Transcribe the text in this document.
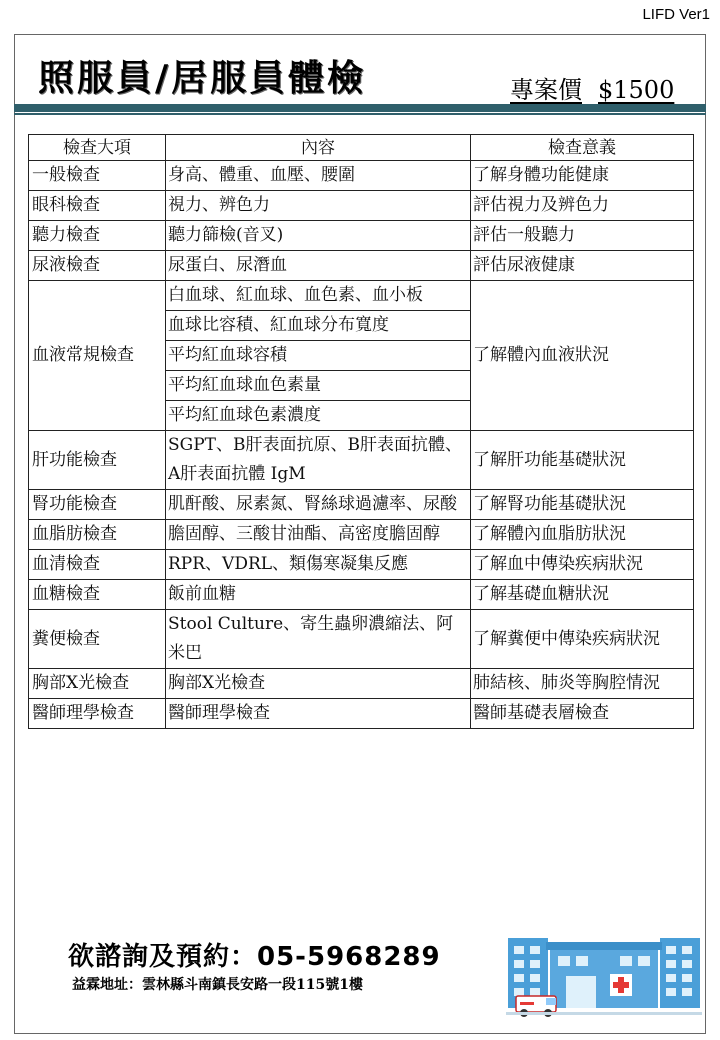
LIFD Ver1
照服員/居服員體檢	專案價 $1500
檢查大項	內容	檢查意義
一般檢查	身高、體重、血壓、腰圍	了解身體功能健康
眼科檢查	視力、辨色力	評估視力及辨色力
聽力檢查	聽力篩檢(音叉)	評估一般聽力
尿液檢查	尿蛋白、尿潛血	評估尿液健康
血液常規檢查	白血球、紅血球、血色素、血小板	了解體內血液狀況
	血球比容積、紅血球分布寬度	
	平均紅血球容積	
	平均紅血球血色素量	
	平均紅血球色素濃度	
肝功能檢查	SGPT、B肝表面抗原、B肝表面抗體、A肝表面抗體 IgM	了解肝功能基礎狀況
腎功能檢查	肌酐酸、尿素氮、腎絲球過濾率、尿酸	了解腎功能基礎狀況
血脂肪檢查	膽固醇、三酸甘油酯、高密度膽固醇	了解體內血脂肪狀況
血清檢查	RPR、VDRL、類傷寒凝集反應	了解血中傳染疾病狀況
血糖檢查	飯前血糖	了解基礎血糖狀況
糞便檢查	Stool Culture、寄生蟲卵濃縮法、阿米巴	了解糞便中傳染疾病狀況
胸部X光檢查	胸部X光檢查	肺結核、肺炎等胸腔情況
醫師理學檢查	醫師理學檢查	醫師基礎表層檢查
欲諮詢及預約：05-5968289
益霖地址：雲林縣斗南鎮長安路一段115號1樓
